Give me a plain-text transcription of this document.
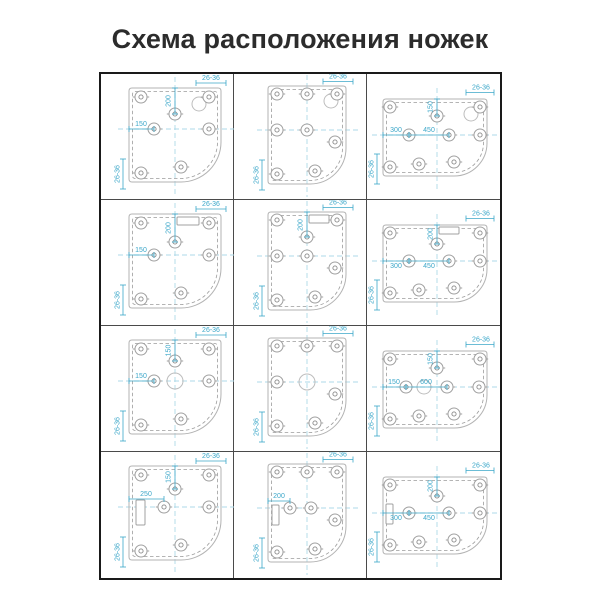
Схема расположения ножек
26-36
200
150
26-36
26-36
26-36
26-36
150
300	450
26-36
26-36
200
150
26-36
26-36
200
26-36
26-36
200
300	450
26-36
26-36
150
150
26-36
26-36
26-36
26-36
150
150	600
26-36
26-36
150
250
26-36
26-36
200
26-36
26-36
200
300	450
26-36
